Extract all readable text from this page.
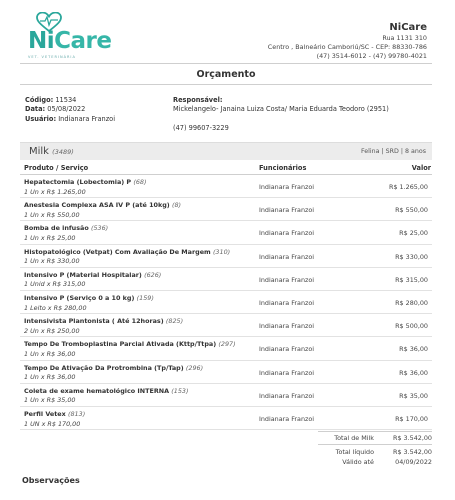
NiCare
VET. VETERINÁRIA
NiCare
Rua 1131 310
Centro , Balneário Camboriú/SC - CEP: 88330-786
(47) 3514-6012 - (47) 99780-4021
Orçamento
Código: 11534
Data: 05/08/2022
Usuário: Indianara Franzoi
Responsável:
Mickelangelo- Janaina Luiza Costa/ Maria Eduarda Teodoro (2951)
(47) 99607-3229
Milk (3489)	Felina | SRD | 8 anos
Produto / Serviço	Funcionários	Valor
Hepatectomia (Lobectomia) P (68)
1 Un x R$ 1.265,00
Indianara Franzoi	R$ 1.265,00
Anestesia Complexa ASA IV P (até 10kg) (8)
1 Un x R$ 550,00
Indianara Franzoi	R$ 550,00
Bomba de infusão (536)
1 Un x R$ 25,00
Indianara Franzoi	R$ 25,00
Histopatológico (Vetpat) Com Avaliação De Margem (310)
1 Un x R$ 330,00
Indianara Franzoi	R$ 330,00
Intensivo P (Material Hospitalar) (626)
1 Unid x R$ 315,00
Indianara Franzoi	R$ 315,00
Intensivo P (Serviço 0 a 10 kg) (159)
1 Leito x R$ 280,00
Indianara Franzoi	R$ 280,00
Intensivista Plantonista ( Até 12horas) (825)
2 Un x R$ 250,00
Indianara Franzoi	R$ 500,00
Tempo De Tromboplastina Parcial Ativada (Kttp/Ttpa) (297)
1 Un x R$ 36,00
Indianara Franzoi	R$ 36,00
Tempo De Ativação Da Protrombina (Tp/Tap) (296)
1 Un x R$ 36,00
Indianara Franzoi	R$ 36,00
Coleta de exame hematológico INTERNA (153)
1 Un x R$ 35,00
Indianara Franzoi	R$ 35,00
Perfil Vetex (813)
1 UN x R$ 170,00
Indianara Franzoi	R$ 170,00
Total de Milk	R$ 3.542,00
Total líquido	R$ 3.542,00
Válido até	04/09/2022
Observações
